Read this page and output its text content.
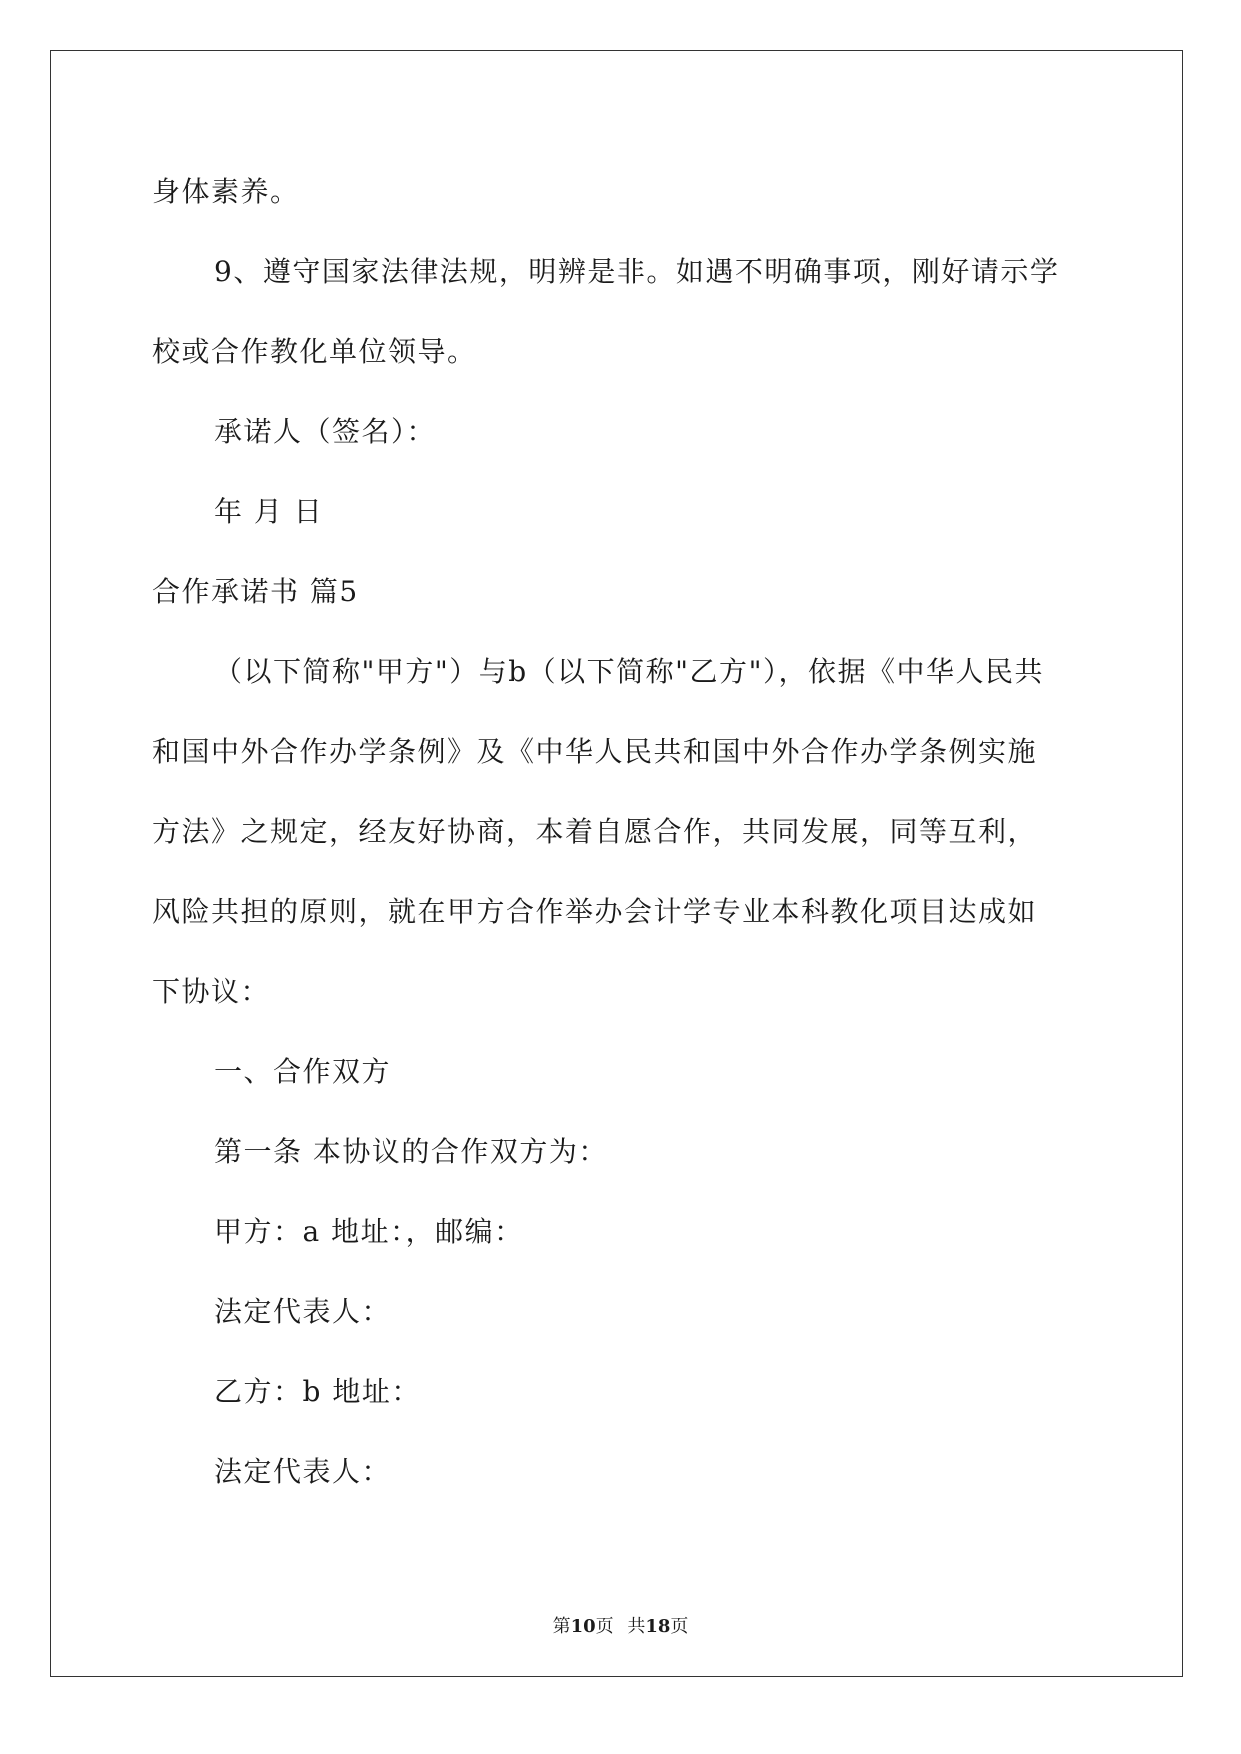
身体素养。
9、遵守国家法律法规，明辨是非。如遇不明确事项，刚好请示学
校或合作教化单位领导。
承诺人（签名）：
年 月 日
合作承诺书 篇5
（以下简称"甲方"）与b（以下简称"乙方"），依据《中华人民共
和国中外合作办学条例》及《中华人民共和国中外合作办学条例实施
方法》之规定，经友好协商，本着自愿合作，共同发展，同等互利，
风险共担的原则，就在甲方合作举办会计学专业本科教化项目达成如
下协议：
一、合作双方
第一条 本协议的合作双方为：
甲方：a 地址：，邮编：
法定代表人：
乙方：b 地址：
法定代表人：
第10页 共18页
